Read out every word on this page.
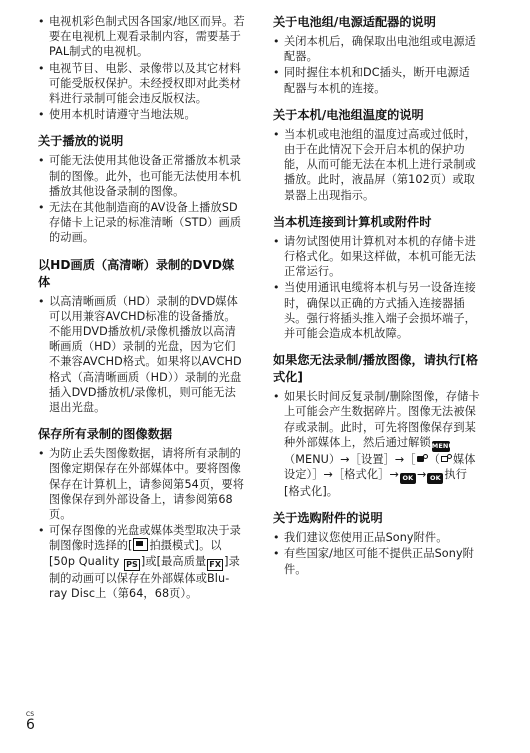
• 电视机彩色制式因各国家/地区而异。若要在电视机上观看录制内容，需要基于PAL制式的电视机。
• 电视节目、电影、录像带以及其它材料可能受版权保护。未经授权即对此类材料进行录制可能会违反版权法。
• 使用本机时请遵守当地法规。
关于播放的说明
• 可能无法使用其他设备正常播放本机录制的图像。此外，也可能无法使用本机播放其他设备录制的图像。
• 无法在其他制造商的AV设备上播放SD存储卡上记录的标准清晰（STD）画质的动画。
以HD画质（高清晰）录制的DVD媒体
• 以高清晰画质（HD）录制的DVD媒体可以用兼容AVCHD标准的设备播放。不能用DVD播放机/录像机播放以高清晰画质（HD）录制的光盘，因为它们不兼容AVCHD格式。如果将以AVCHD格式（高清晰画质（HD））录制的光盘插入DVD播放机/录像机，则可能无法退出光盘。
保存所有录制的图像数据
• 为防止丢失图像数据，请将所有录制的图像定期保存在外部媒体中。要将图像保存在计算机上，请参阅第54页，要将图像保存到外部设备上，请参阅第68页。
• 可保存图像的光盘或媒体类型取决于录制图像时选择的[ 拍摄模式]。以[50p Quality PS ]或[最高质量 FX ]录制的动画可以保存在外部媒体或Blu-ray Disc上（第64，68页）。
关于电池组/电源适配器的说明
• 关闭本机后，确保取出电池组或电源适配器。
• 同时握住本机和DC插头，断开电源适配器与本机的连接。
关于本机/电池组温度的说明
• 当本机或电池组的温度过高或过低时，由于在此情况下会开启本机的保护功能，从而可能无法在本机上进行录制或播放。此时，液晶屏（第102页）或取景器上出现指示。
当本机连接到计算机或附件时
• 请勿试图使用计算机对本机的存储卡进行格式化。如果这样做，本机可能无法正常运行。
• 当使用通讯电缆将本机与另一设备连接时，确保以正确的方式插入连接器插头。强行将插头推入端子会损坏端子，并可能会造成本机故障。
如果您无法录制/播放图像，请执行[格式化]
• 如果长时间反复录制/删除图像，存储卡上可能会产生数据碎片。图像无法被保存或录制。此时，可先将图像保存到某种外部媒体上，然后通过解锁MENU（MENU）→［设置］→［ （ 媒体设定）］→［格式化］→ OK → OK 执行[格式化]。
关于选购附件的说明
• 我们建议您使用正品Sony附件。
• 有些国家/地区可能不提供正品Sony附件。
CS
6
